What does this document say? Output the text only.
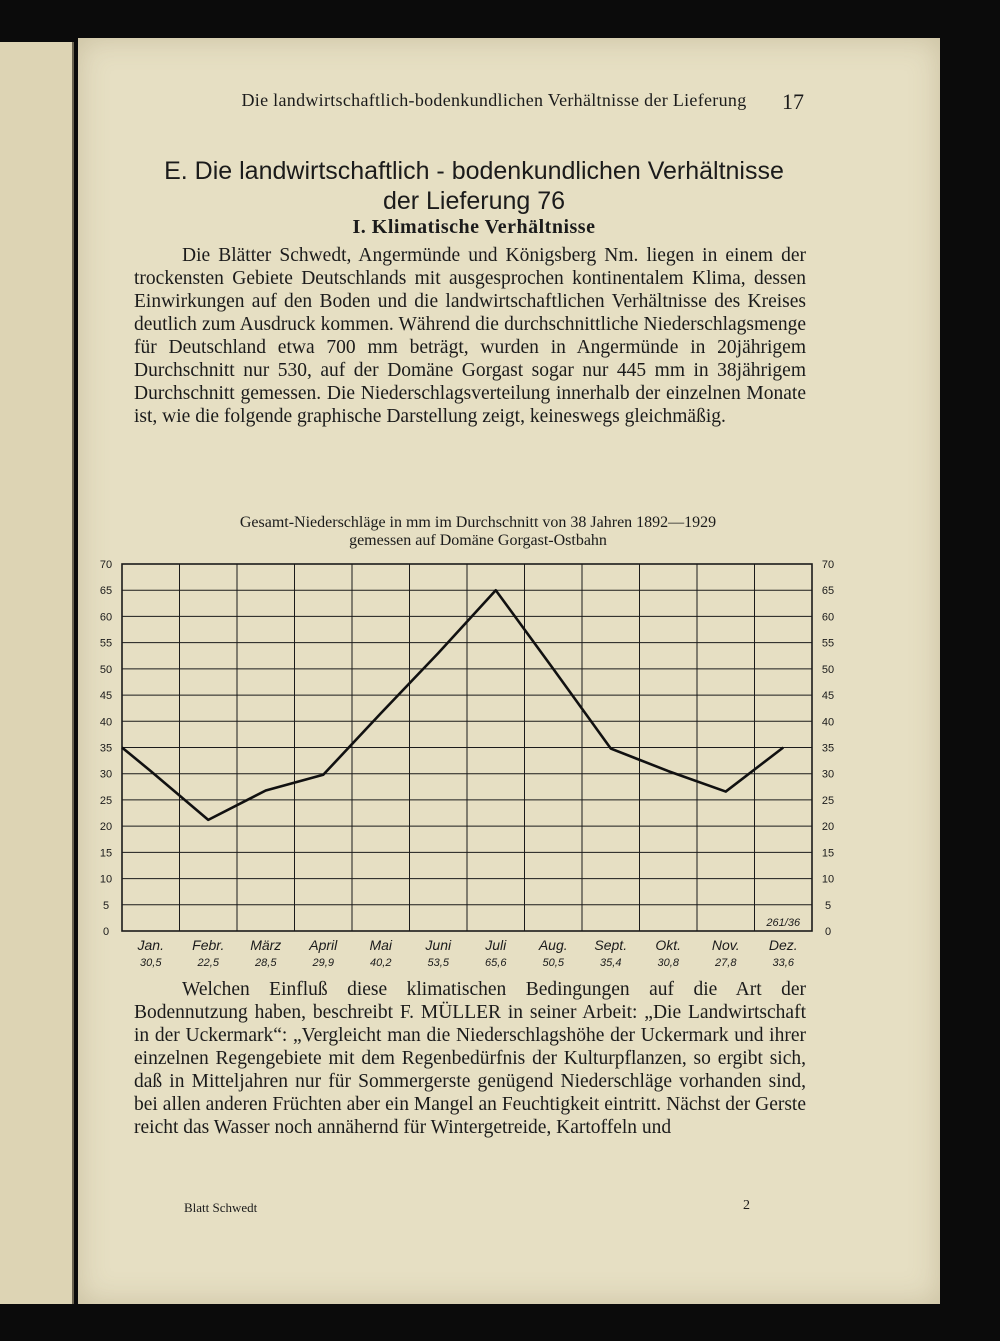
Die landwirtschaftlich-bodenkundlichen Verhältnisse der Lieferung	17
E. Die landwirtschaftlich - bodenkundlichen Verhältnisse
der Lieferung 76
I. Klimatische Verhältnisse
Die Blätter Schwedt, Angermünde und Königsberg Nm. liegen in einem der trockensten Gebiete Deutschlands mit ausgesprochen kontinentalem Klima, dessen Einwirkungen auf den Boden und die landwirtschaftlichen Verhältnisse des Kreises deutlich zum Ausdruck kommen. Während die durchschnittliche Niederschlagsmenge für Deutschland etwa 700 mm beträgt, wurden in Angermünde in 20jährigem Durchschnitt nur 530, auf der Domäne Gorgast sogar nur 445 mm in 38jährigem Durchschnitt gemessen. Die Niederschlagsverteilung innerhalb der einzelnen Monate ist, wie die folgende graphische Darstellung zeigt, keineswegs gleichmäßig.
Gesamt-Niederschläge in mm im Durchschnitt von 38 Jahren 1892—1929
gemessen auf Domäne Gorgast-Ostbahn
0	0
5	5
10	10
15	15
20	20
25	25
30	30
35	35
40	40
45	45
50	50
55	55
60	60
65	65
70	70
Jan.
30,5
Febr.
22,5
März
28,5
April
29,9
Mai
40,2
Juni
53,5
Juli
65,6
Aug.
50,5
Sept.
35,4
Okt.
30,8
Nov.
27,8
Dez.
33,6
261/36
Welchen Einfluß diese klimatischen Bedingungen auf die Art der Bodennutzung haben, beschreibt F. MÜLLER in seiner Arbeit: „Die Landwirtschaft in der Uckermark“: „Vergleicht man die Niederschlagshöhe der Uckermark und ihrer einzelnen Regengebiete mit dem Regenbedürfnis der Kulturpflanzen, so ergibt sich, daß in Mitteljahren nur für Sommergerste genügend Niederschläge vorhanden sind, bei allen anderen Früchten aber ein Mangel an Feuchtigkeit eintritt. Nächst der Gerste reicht das Wasser noch annähernd für Wintergetreide, Kartoffeln und
Blatt Schwedt	2
